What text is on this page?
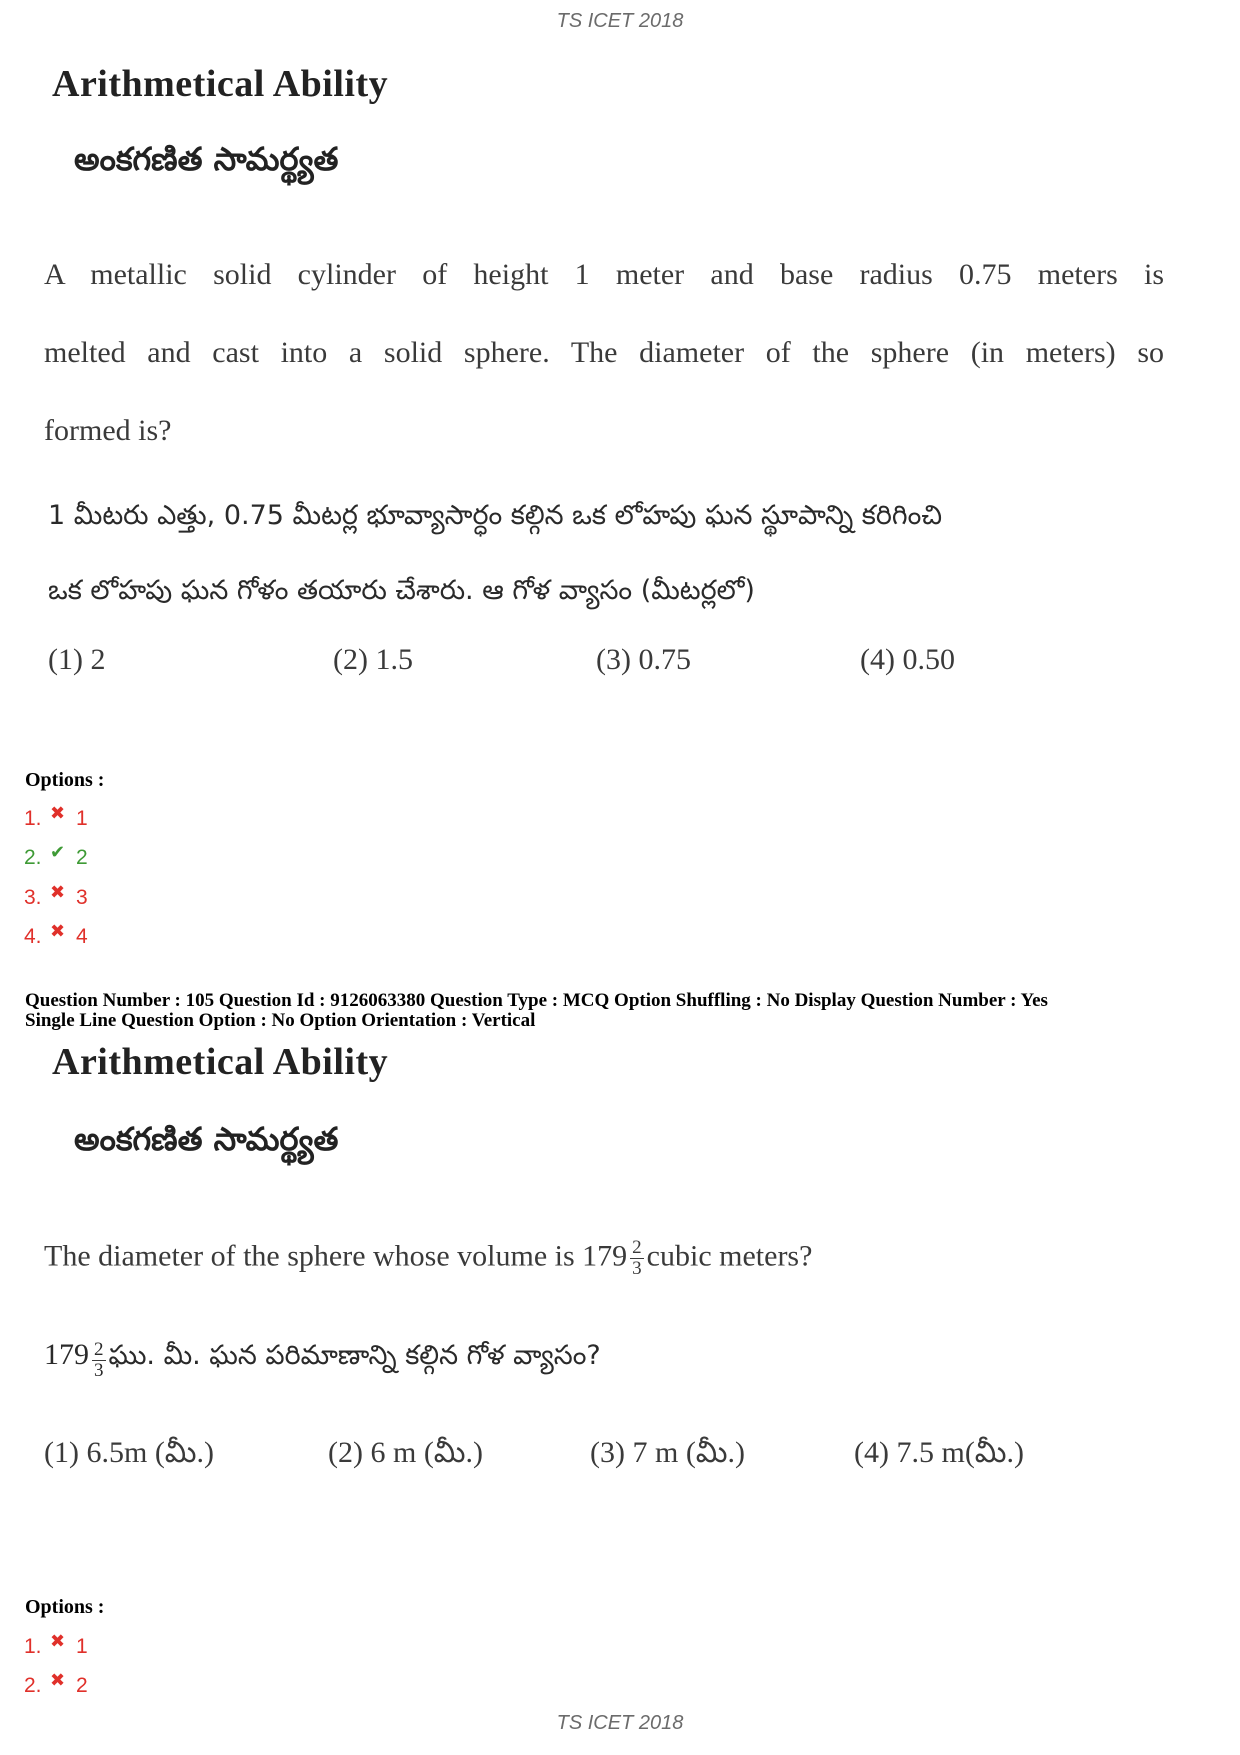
TS ICET 2018
Arithmetical Ability
అంకగణిత సామర్థ్యత
A metallic solid cylinder of height 1 meter and base radius 0.75 meters is
melted and cast into a solid sphere. The diameter of the sphere (in meters) so
formed is?
1 మీటరు ఎత్తు, 0.75 మీటర్ల భూవ్యాసార్ధం కల్గిన ఒక లోహపు ఘన స్థూపాన్ని కరిగించి
ఒక లోహపు ఘన గోళం తయారు చేశారు. ఆ గోళ వ్యాసం (మీటర్లలో)
(1) 2	(2) 1.5	(3) 0.75	(4) 0.50
Options :
1. ✖ 1
2. ✔ 2
3. ✖ 3
4. ✖ 4
Question Number : 105 Question Id : 9126063380 Question Type : MCQ Option Shuffling : No Display Question Number : Yes
Single Line Question Option : No Option Orientation : Vertical
Arithmetical Ability
అంకగణిత సామర్థ్యత
The diameter of the sphere whose volume is $179 \frac{2}{3}$ cubic meters?
$179 \frac{2}{3}$ ఘు. మీ. ఘన పరిమాణాన్ని కల్గిన గోళ వ్యాసం?
(1) 6.5m (మీ.)	(2) 6 m (మీ.)	(3) 7 m (మీ.)	(4) 7.5 m(మీ.)
Options :
1. ✖ 1
2. ✖ 2
TS ICET 2018
